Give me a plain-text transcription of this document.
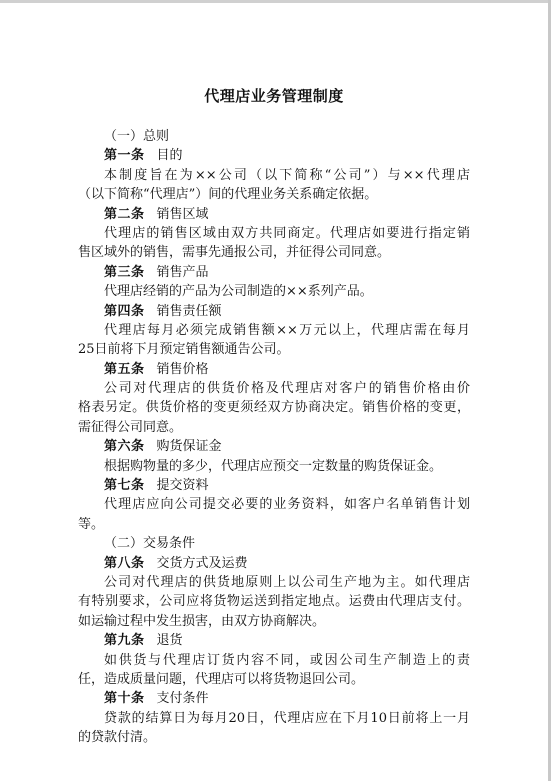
代理店业务管理制度
（一）总则
第一条 目的
本制度旨在为××公司（以下简称“公司”）与××代理店
（以下简称“代理店”）间的代理业务关系确定依据。
第二条 销售区域
代理店的销售区域由双方共同商定。代理店如要进行指定销
售区域外的销售，需事先通报公司，并征得公司同意。
第三条 销售产品
代理店经销的产品为公司制造的××系列产品。
第四条 销售责任额
代理店每月必须完成销售额××万元以上，代理店需在每月
25日前将下月预定销售额通告公司。
第五条 销售价格
公司对代理店的供货价格及代理店对客户的销售价格由价
格表另定。供货价格的变更须经双方协商决定。销售价格的变更，
需征得公司同意。
第六条 购货保证金
根据购物量的多少，代理店应预交一定数量的购货保证金。
第七条 提交资料
代理店应向公司提交必要的业务资料，如客户名单销售计划
等。
（二）交易条件
第八条 交货方式及运费
公司对代理店的供货地原则上以公司生产地为主。如代理店
有特别要求，公司应将货物运送到指定地点。运费由代理店支付。
如运输过程中发生损害，由双方协商解决。
第九条 退货
如供货与代理店订货内容不同，或因公司生产制造上的责
任，造成质量问题，代理店可以将货物退回公司。
第十条 支付条件
贷款的结算日为每月20日，代理店应在下月10日前将上一月
的贷款付清。
